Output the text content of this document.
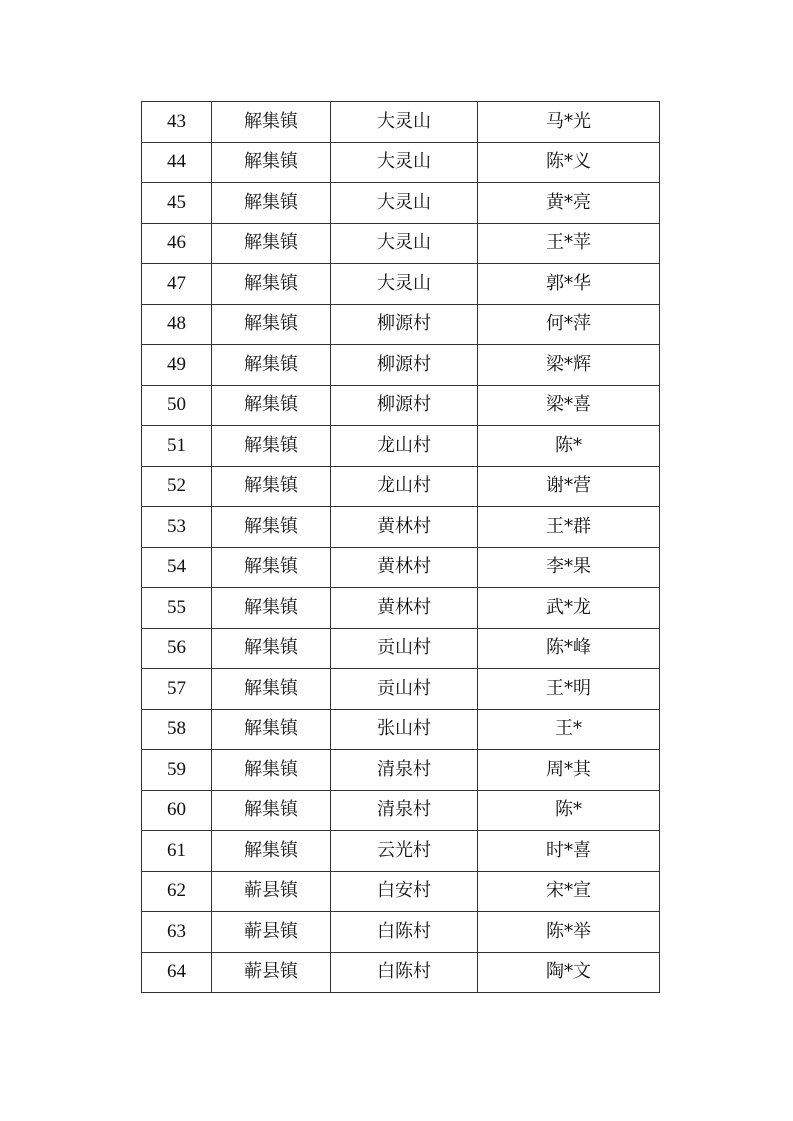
43	解集镇	大灵山	马*光
44	解集镇	大灵山	陈*义
45	解集镇	大灵山	黄*亮
46	解集镇	大灵山	王*苹
47	解集镇	大灵山	郭*华
48	解集镇	柳源村	何*萍
49	解集镇	柳源村	梁*辉
50	解集镇	柳源村	梁*喜
51	解集镇	龙山村	陈*
52	解集镇	龙山村	谢*营
53	解集镇	黄林村	王*群
54	解集镇	黄林村	李*果
55	解集镇	黄林村	武*龙
56	解集镇	贡山村	陈*峰
57	解集镇	贡山村	王*明
58	解集镇	张山村	王*
59	解集镇	清泉村	周*其
60	解集镇	清泉村	陈*
61	解集镇	云光村	时*喜
62	蕲县镇	白安村	宋*宣
63	蕲县镇	白陈村	陈*举
64	蕲县镇	白陈村	陶*文
